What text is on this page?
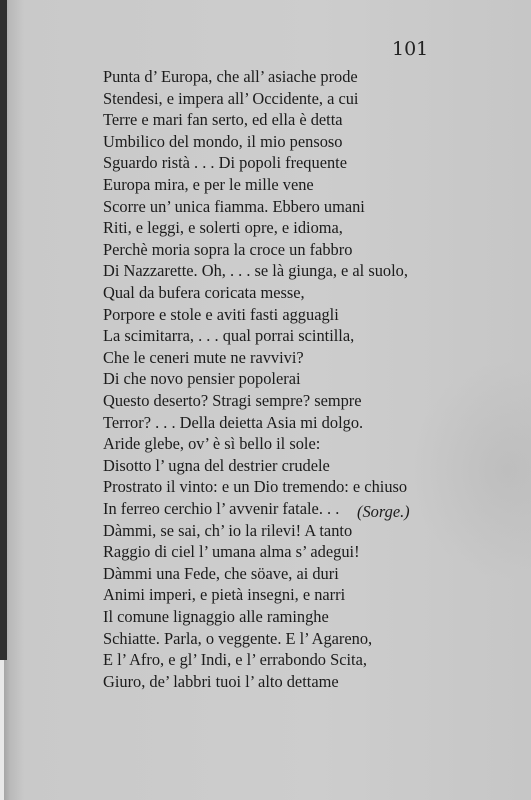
101
Punta d’ Europa, che all’ asiache prode
Stendesi, e impera all’ Occidente, a cui
Terre e mari fan serto, ed ella è detta
Umbilico del mondo, il mio pensoso
Sguardo ristà . . . Di popoli frequente
Europa mira, e per le mille vene
Scorre un’ unica fiamma. Ebbero umani
Riti, e leggi, e solerti opre, e idioma,
Perchè moria sopra la croce un fabbro
Di Nazzarette. Oh, . . . se là giunga, e al suolo,
Qual da bufera coricata messe,
Porpore e stole e aviti fasti agguagli
La scimitarra, . . . qual porrai scintilla,
Che le ceneri mute ne ravvivi?
Di che novo pensier popolerai
Questo deserto? Stragi sempre? sempre
Terror? . . . Della deietta Asia mi dolgo.
Aride glebe, ov’ è sì bello il sole:
Disotto l’ ugna del destrier crudele
Prostrato il vinto: e un Dio tremendo: e chiuso
In ferreo cerchio l’ avvenir fatale. . .
Dàmmi, se sai, ch’ io la rilevi! A tanto
Raggio di ciel l’ umana alma s’ adegui!
Dàmmi una Fede, che söave, ai duri
Animi imperi, e pietà insegni, e narri
Il comune lignaggio alle raminghe
Schiatte. Parla, o veggente. E l’ Agareno,
E l’ Afro, e gl’ Indi, e l’ errabondo Scita,
Giuro, de’ labbri tuoi l’ alto dettame
(Sorge.)
